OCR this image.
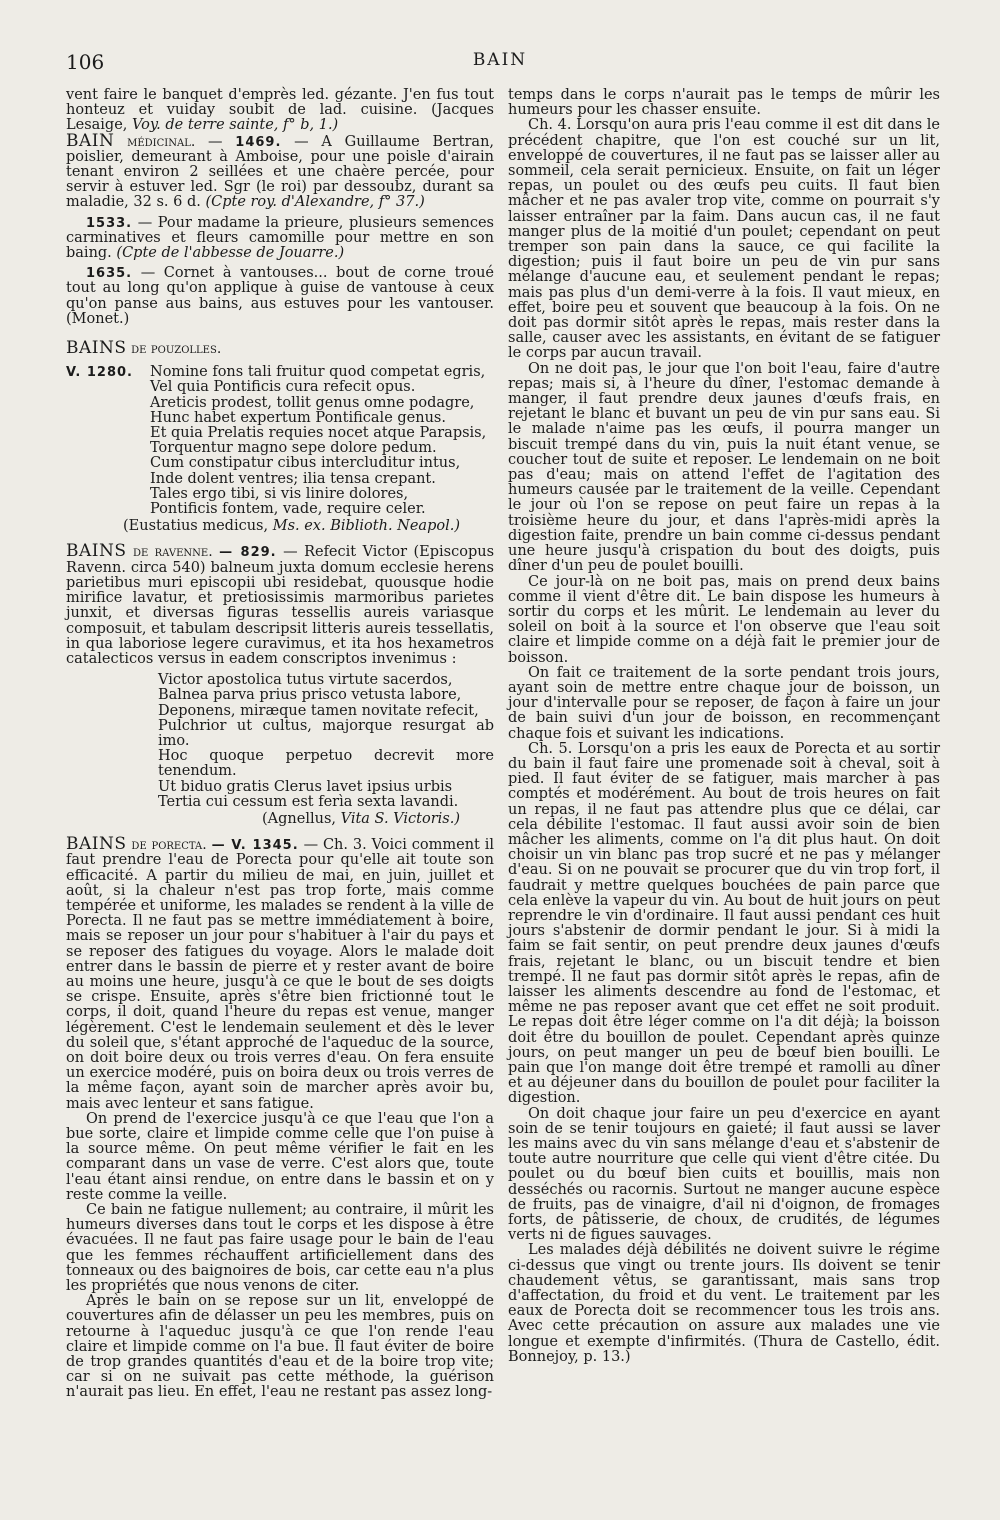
106	BAIN

vent faire le banquet d'emprès led. gézante. J'en fus tout honteuz et vuiday soubit de lad. cuisine. (Jacques Lesaige, Voy. de terre sainte, f° b, 1.)

BAIN médicinal. — 1469. — A Guillaume Bertran, poislier, demeurant à Amboise, pour une poisle d'airain tenant environ 2 seillées et une chaère percée, pour servir à estuver led. Sgr (le roi) par dessoubz, durant sa maladie, 32 s. 6 d. (Cpte roy. d'Alexandre, f° 37.)

1533. — Pour madame la prieure, plusieurs semences carminatives et fleurs camomille pour mettre en son baing. (Cpte de l'abbesse de Jouarre.)

1635. — Cornet à vantouses... bout de corne troué tout au long qu'on applique à guise de vantouse à ceux qu'on panse aus bains, aus estuves pour les vantouser. (Monet.)

BAINS de pouzolles.

V. 1280. Nomine fons tali fruitur quod competat egris,
Vel quia Pontificis cura refecit opus.
Areticis prodest, tollit genus omne podagre,
Hunc habet expertum Pontificale genus.
Et quia Prelatis requies nocet atque Parapsis,
Torquentur magno sepe dolore pedum.
Cum constipatur cibus intercluditur intus,
Inde dolent ventres; ilia tensa crepant.
Tales ergo tibi, si vis linire dolores,
Pontificis fontem, vade, require celer.
(Eustatius medicus, Ms. ex. Biblioth. Neapol.)

BAINS de ravenne. — 829. — Refecit Victor (Episcopus Ravenn. circa 540) balneum juxta domum ecclesie herens parietibus muri episcopii ubi residebat, quousque hodie mirifice lavatur, et pretiosissimis marmoribus parietes junxit, et diversas figuras tessellis aureis variasque composuit, et tabulam descripsit litteris aureis tessellatis, in qua laboriose legere curavimus, et ita hos hexametros catalecticos versus in eadem conscriptos invenimus :

Victor apostolica tutus virtute sacerdos,
Balnea parva prius prisco vetusta labore,
Deponens, miræque tamen novitate refecit,
Pulchrior ut cultus, majorque resurgat ab imo.
Hoc quoque perpetuo decrevit more tenendum.
Ut biduo gratis Clerus lavet ipsius urbis
Tertia cui cessum est ferìa sexta lavandi.
(Agnellus, Vita S. Victoris.)

BAINS de porecta. — V. 1345. — Ch. 3. Voici comment il faut prendre l'eau de Porecta pour qu'elle ait toute son efficacité. A partir du milieu de mai, en juin, juillet et août, si la chaleur n'est pas trop forte, mais comme tempérée et uniforme, les malades se rendent à la ville de Porecta. Il ne faut pas se mettre immédiatement à boire, mais se reposer un jour pour s'habituer à l'air du pays et se reposer des fatigues du voyage. Alors le malade doit entrer dans le bassin de pierre et y rester avant de boire au moins une heure, jusqu'à ce que le bout de ses doigts se crispe. Ensuite, après s'être bien frictionné tout le corps, il doit, quand l'heure du repas est venue, manger légèrement. C'est le lendemain seulement et dès le lever du soleil que, s'étant approché de l'aqueduc de la source, on doit boire deux ou trois verres d'eau. On fera ensuite un exercice modéré, puis on boira deux ou trois verres de la même façon, ayant soin de marcher après avoir bu, mais avec lenteur et sans fatigue.

On prend de l'exercice jusqu'à ce que l'eau que l'on a bue sorte, claire et limpide comme celle que l'on puise à la source même. On peut même vérifier le fait en les comparant dans un vase de verre. C'est alors que, toute l'eau étant ainsi rendue, on entre dans le bassin et on y reste comme la veille.

Ce bain ne fatigue nullement; au contraire, il mûrit les humeurs diverses dans tout le corps et les dispose à être évacuées. Il ne faut pas faire usage pour le bain de l'eau que les femmes réchauffent artificiellement dans des tonneaux ou des baignoires de bois, car cette eau n'a plus les propriétés que nous venons de citer.

Après le bain on se repose sur un lit, enveloppé de couvertures afin de délasser un peu les membres, puis on retourne à l'aqueduc jusqu'à ce que l'on rende l'eau claire et limpide comme on l'a bue. Il faut éviter de boire de trop grandes quantités d'eau et de la boire trop vite; car si on ne suivait pas cette méthode, la guérison n'aurait pas lieu. En effet, l'eau ne restant pas assez long-

temps dans le corps n'aurait pas le temps de mûrir les humeurs pour les chasser ensuite.

Ch. 4. Lorsqu'on aura pris l'eau comme il est dit dans le précédent chapitre, que l'on est couché sur un lit, enveloppé de couvertures, il ne faut pas se laisser aller au sommeil, cela serait pernicieux. Ensuite, on fait un léger repas, un poulet ou des œufs peu cuits. Il faut bien mâcher et ne pas avaler trop vite, comme on pourrait s'y laisser entraîner par la faim. Dans aucun cas, il ne faut manger plus de la moitié d'un poulet; cependant on peut tremper son pain dans la sauce, ce qui facilite la digestion; puis il faut boire un peu de vin pur sans mélange d'aucune eau, et seulement pendant le repas; mais pas plus d'un demi-verre à la fois. Il vaut mieux, en effet, boire peu et souvent que beaucoup à la fois. On ne doit pas dormir sitôt après le repas, mais rester dans la salle, causer avec les assistants, en évitant de se fatiguer le corps par aucun travail.

On ne doit pas, le jour que l'on boit l'eau, faire d'autre repas; mais si, à l'heure du dîner, l'estomac demande à manger, il faut prendre deux jaunes d'œufs frais, en rejetant le blanc et buvant un peu de vin pur sans eau. Si le malade n'aime pas les œufs, il pourra manger un biscuit trempé dans du vin, puis la nuit étant venue, se coucher tout de suite et reposer. Le lendemain on ne boit pas d'eau; mais on attend l'effet de l'agitation des humeurs causée par le traitement de la veille. Cependant le jour où l'on se repose on peut faire un repas à la troisième heure du jour, et dans l'après-midi après la digestion faite, prendre un bain comme ci-dessus pendant une heure jusqu'à crispation du bout des doigts, puis dîner d'un peu de poulet bouilli.

Ce jour-là on ne boit pas, mais on prend deux bains comme il vient d'être dit. Le bain dispose les humeurs à sortir du corps et les mûrit. Le lendemain au lever du soleil on boit à la source et l'on observe que l'eau soit claire et limpide comme on a déjà fait le premier jour de boisson.

On fait ce traitement de la sorte pendant trois jours, ayant soin de mettre entre chaque jour de boisson, un jour d'intervalle pour se reposer, de façon à faire un jour de bain suivi d'un jour de boisson, en recommençant chaque fois et suivant les indications.

Ch. 5. Lorsqu'on a pris les eaux de Porecta et au sortir du bain il faut faire une promenade soit à cheval, soit à pied. Il faut éviter de se fatiguer, mais marcher à pas comptés et modérément. Au bout de trois heures on fait un repas, il ne faut pas attendre plus que ce délai, car cela débilite l'estomac. Il faut aussi avoir soin de bien mâcher les aliments, comme on l'a dit plus haut. On doit choisir un vin blanc pas trop sucré et ne pas y mélanger d'eau. Si on ne pouvait se procurer que du vin trop fort, il faudrait y mettre quelques bouchées de pain parce que cela enlève la vapeur du vin. Au bout de huit jours on peut reprendre le vin d'ordinaire. Il faut aussi pendant ces huit jours s'abstenir de dormir pendant le jour. Si à midi la faim se fait sentir, on peut prendre deux jaunes d'œufs frais, rejetant le blanc, ou un biscuit tendre et bien trempé. Il ne faut pas dormir sitôt après le repas, afin de laisser les aliments descendre au fond de l'estomac, et même ne pas reposer avant que cet effet ne soit produit. Le repas doit être léger comme on l'a dit déjà; la boisson doit être du bouillon de poulet. Cependant après quinze jours, on peut manger un peu de bœuf bien bouilli. Le pain que l'on mange doit être trempé et ramolli au dîner et au déjeuner dans du bouillon de poulet pour faciliter la digestion.

On doit chaque jour faire un peu d'exercice en ayant soin de se tenir toujours en gaieté; il faut aussi se laver les mains avec du vin sans mélange d'eau et s'abstenir de toute autre nourriture que celle qui vient d'être citée. Du poulet ou du bœuf bien cuits et bouillis, mais non desséchés ou racornis. Surtout ne manger aucune espèce de fruits, pas de vinaigre, d'ail ni d'oignon, de fromages forts, de pâtisserie, de choux, de crudités, de légumes verts ni de figues sauvages.

Les malades déjà débilités ne doivent suivre le régime ci-dessus que vingt ou trente jours. Ils doivent se tenir chaudement vêtus, se garantissant, mais sans trop d'affectation, du froid et du vent. Le traitement par les eaux de Porecta doit se recommencer tous les trois ans. Avec cette précaution on assure aux malades une vie longue et exempte d'infirmités. (Thura de Castello, édit. Bonnejoy, p. 13.)
